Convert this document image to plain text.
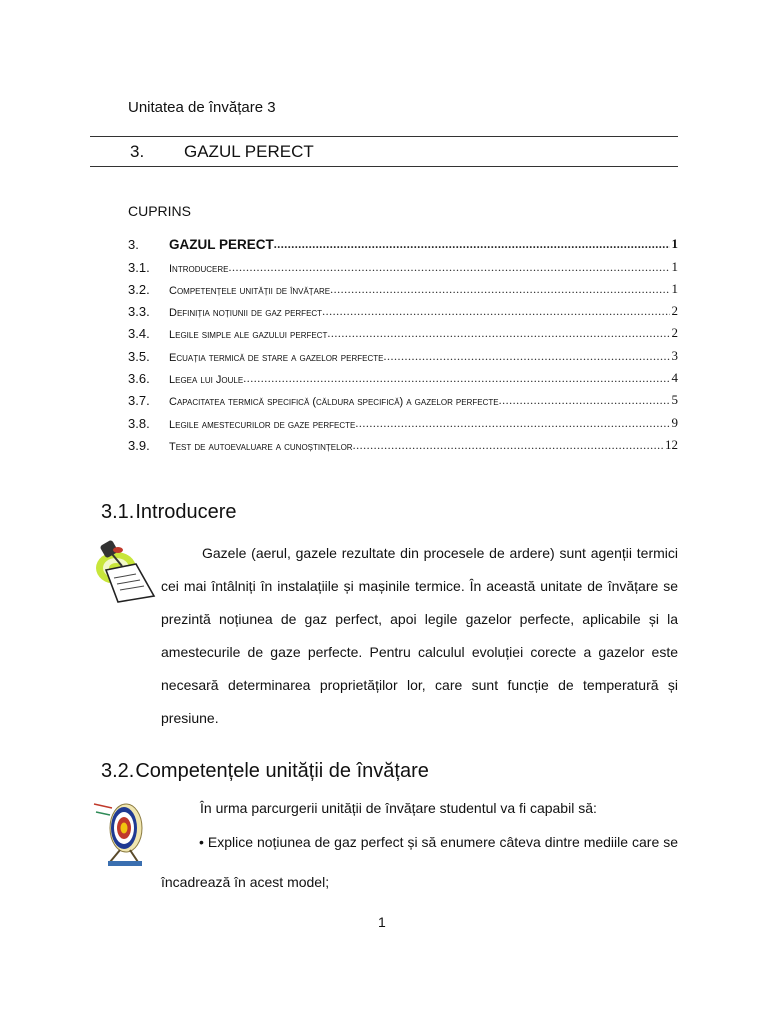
Unitatea de învățare 3
3. GAZUL PERECT
CUPRINS
3.	GAZUL PERECT .....	1
3.1.	Introducere .....	1
3.2.	Competențele unității de învățare .....	1
3.3.	Definiția noțiunii de gaz perfect .....	2
3.4.	Legile simple ale gazului perfect .....	2
3.5.	Ecuația termică de stare a gazelor perfecte .....	3
3.6.	Legea lui Joule .....	4
3.7.	Capacitatea termică specifică (căldura specifică) a gazelor perfecte .....	5
3.8.	Legile amestecurilor de gaze perfecte .....	9
3.9.	Test de autoevaluare a cunoștințelor .....	12
3.1.Introducere

Gazele (aerul, gazele rezultate din procesele de ardere) sunt agenții termici cei mai întâlniți în instalațiile și mașinile termice. În această unitate de învățare se prezintă noțiunea de gaz perfect, apoi legile gazelor perfecte, aplicabile și la amestecurile de gaze perfecte. Pentru calculul evoluției corecte a gazelor este necesară determinarea proprietăților lor, care sunt funcție de temperatură și presiune.

3.2.Competențele unității de învățare
În urma parcurgerii unității de învățare studentul va fi capabil să:

• Explice noțiunea de gaz perfect și să enumere câteva dintre mediile care se încadrează în acest model;

1
